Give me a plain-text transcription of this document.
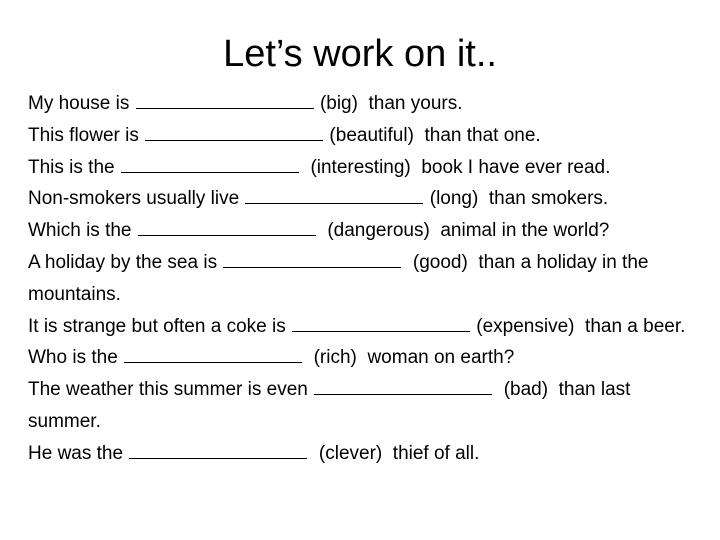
Let’s work on it..
My house is	(big) than yours.
This flower is	(beautiful) than that one.
This is the	(interesting) book I have ever read.
Non-smokers usually live	(long) than smokers.
Which is the	(dangerous) animal in the world?
A holiday by the sea is	(good) than a holiday in the mountains.
It is strange but often a coke is	(expensive) than a beer.
Who is the	(rich) woman on earth?
The weather this summer is even	(bad) than last summer.
He was the	(clever) thief of all.
